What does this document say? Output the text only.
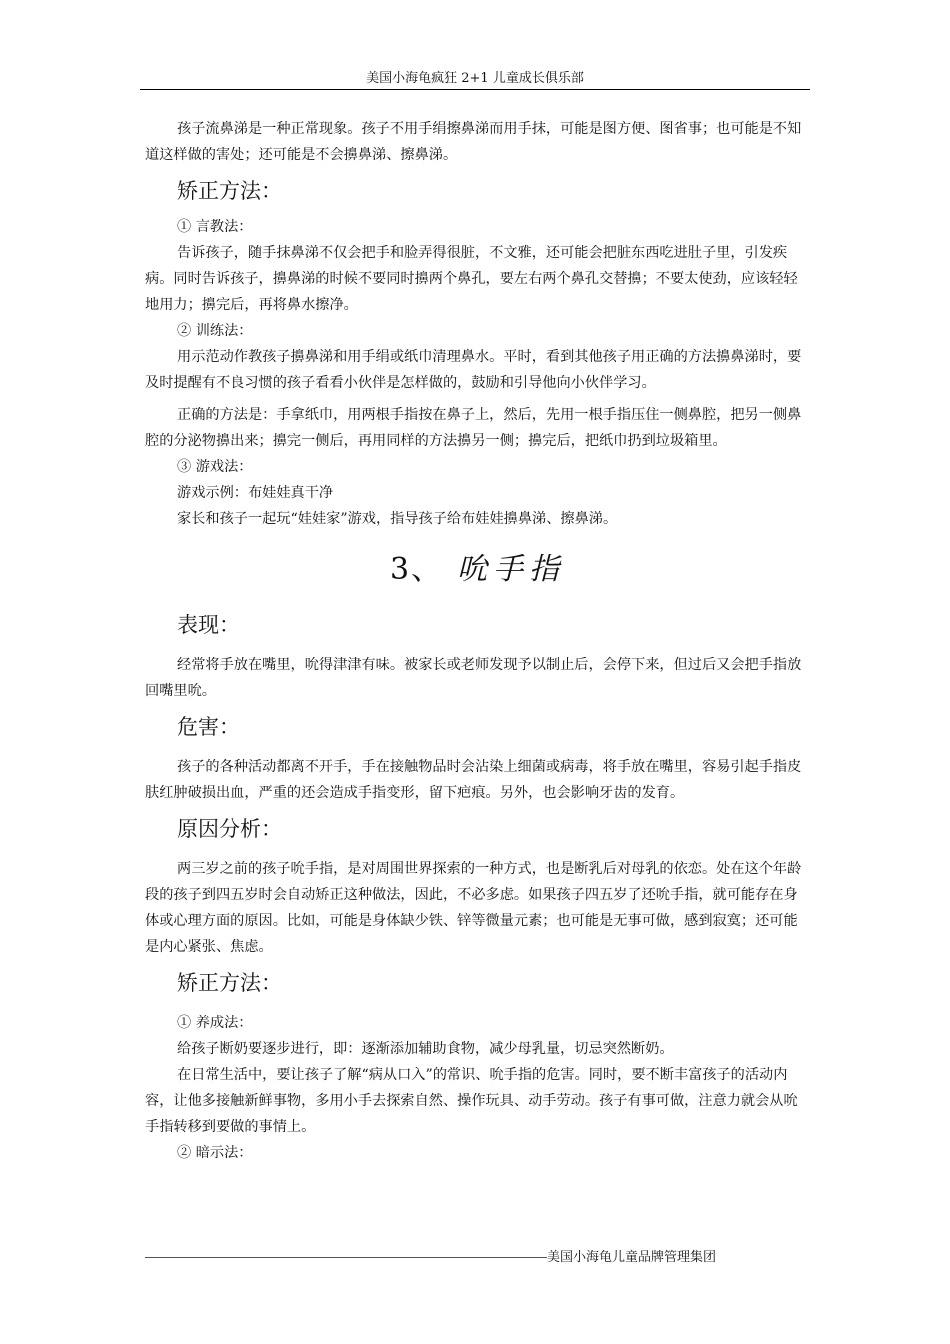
美国小海龟疯狂 2+1 儿童成长俱乐部

孩子流鼻涕是一种正常现象。孩子不用手绢擦鼻涕而用手抹，可能是图方便、图省事；也可能是不知道这样做的害处；还可能是不会擤鼻涕、擦鼻涕。

矫正方法：

① 言教法：

告诉孩子，随手抹鼻涕不仅会把手和脸弄得很脏，不文雅，还可能会把脏东西吃进肚子里，引发疾病。同时告诉孩子，擤鼻涕的时候不要同时擤两个鼻孔，要左右两个鼻孔交替擤；不要太使劲，应该轻轻地用力；擤完后，再将鼻水擦净。

② 训练法：

用示范动作教孩子擤鼻涕和用手绢或纸巾清理鼻水。平时，看到其他孩子用正确的方法擤鼻涕时，要及时提醒有不良习惯的孩子看看小伙伴是怎样做的，鼓励和引导他向小伙伴学习。

正确的方法是：手拿纸巾，用两根手指按在鼻子上，然后，先用一根手指压住一侧鼻腔，把另一侧鼻腔的分泌物擤出来；擤完一侧后，再用同样的方法擤另一侧；擤完后，把纸巾扔到垃圾箱里。

③ 游戏法：

游戏示例：布娃娃真干净

家长和孩子一起玩“娃娃家”游戏，指导孩子给布娃娃擤鼻涕、擦鼻涕。

3、 吮手指

表现：

经常将手放在嘴里，吮得津津有味。被家长或老师发现予以制止后，会停下来，但过后又会把手指放回嘴里吮。

危害：

孩子的各种活动都离不开手，手在接触物品时会沾染上细菌或病毒，将手放在嘴里，容易引起手指皮肤红肿破损出血，严重的还会造成手指变形，留下疤痕。另外，也会影响牙齿的发育。

原因分析：

两三岁之前的孩子吮手指，是对周围世界探索的一种方式，也是断乳后对母乳的依恋。处在这个年龄段的孩子到四五岁时会自动矫正这种做法，因此，不必多虑。如果孩子四五岁了还吮手指，就可能存在身体或心理方面的原因。比如，可能是身体缺少铁、锌等微量元素；也可能是无事可做，感到寂寞；还可能是内心紧张、焦虑。

矫正方法：

① 养成法：

给孩子断奶要逐步进行，即：逐渐添加辅助食物，减少母乳量，切忌突然断奶。

在日常生活中，要让孩子了解“病从口入”的常识、吮手指的危害。同时，要不断丰富孩子的活动内容，让他多接触新鲜事物，多用小手去探索自然、操作玩具、动手劳动。孩子有事可做，注意力就会从吮手指转移到要做的事情上。

② 暗示法：

美国小海龟儿童品牌管理集团
